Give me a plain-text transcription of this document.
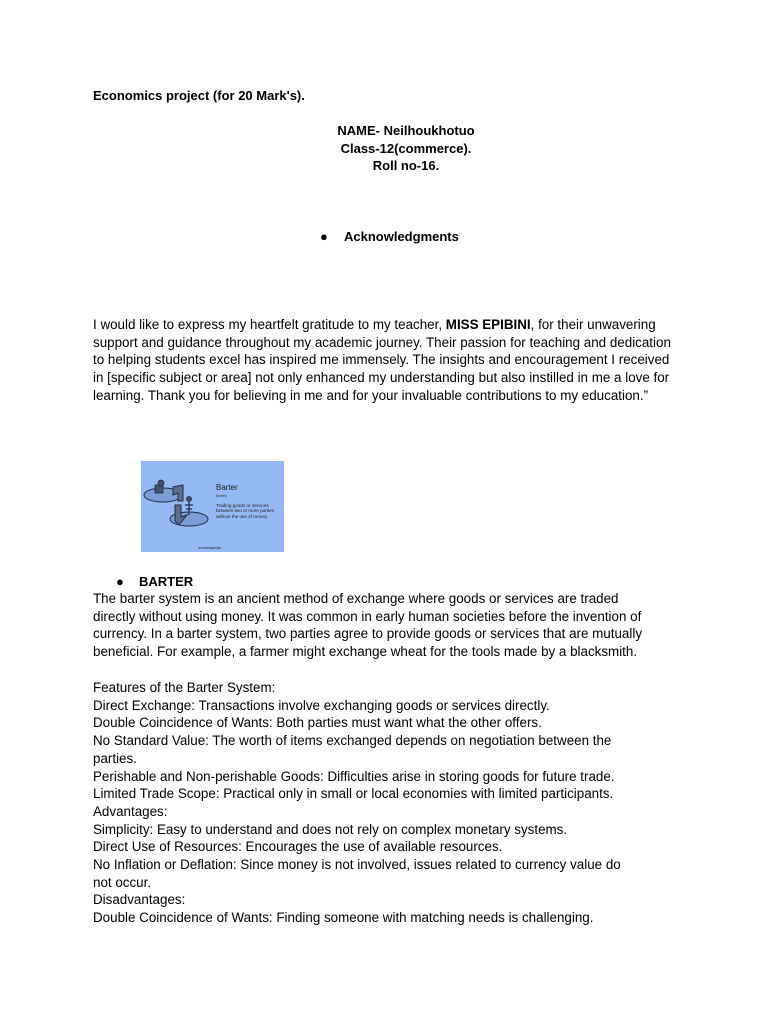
Economics project (for 20 Mark's).
NAME- Neilhoukhotuo
Class-12(commerce).
Roll no-16.
● Acknowledgments

I would like to express my heartfelt gratitude to my teacher, MISS EPIBINI, for their unwavering support and guidance throughout my academic journey. Their passion for teaching and dedication to helping students excel has inspired me immensely. The insights and encouragement I received in [specific subject or area] not only enhanced my understanding but also instilled in me a love for learning. Thank you for believing in me and for your invaluable contributions to my education.”

Barter
[barter]
Trading goods or services between two or more parties without the use of money.
Investopedia
● BARTER
The barter system is an ancient method of exchange where goods or services are traded
directly without using money. It was common in early human societies before the invention of
currency. In a barter system, two parties agree to provide goods or services that are mutually
beneficial. For example, a farmer might exchange wheat for the tools made by a blacksmith.
Features of the Barter System:
Direct Exchange: Transactions involve exchanging goods or services directly.
Double Coincidence of Wants: Both parties must want what the other offers.
No Standard Value: The worth of items exchanged depends on negotiation between the
parties.
Perishable and Non-perishable Goods: Difficulties arise in storing goods for future trade.
Limited Trade Scope: Practical only in small or local economies with limited participants.
Advantages:
Simplicity: Easy to understand and does not rely on complex monetary systems.
Direct Use of Resources: Encourages the use of available resources.
No Inflation or Deflation: Since money is not involved, issues related to currency value do
not occur.
Disadvantages:
Double Coincidence of Wants: Finding someone with matching needs is challenging.
